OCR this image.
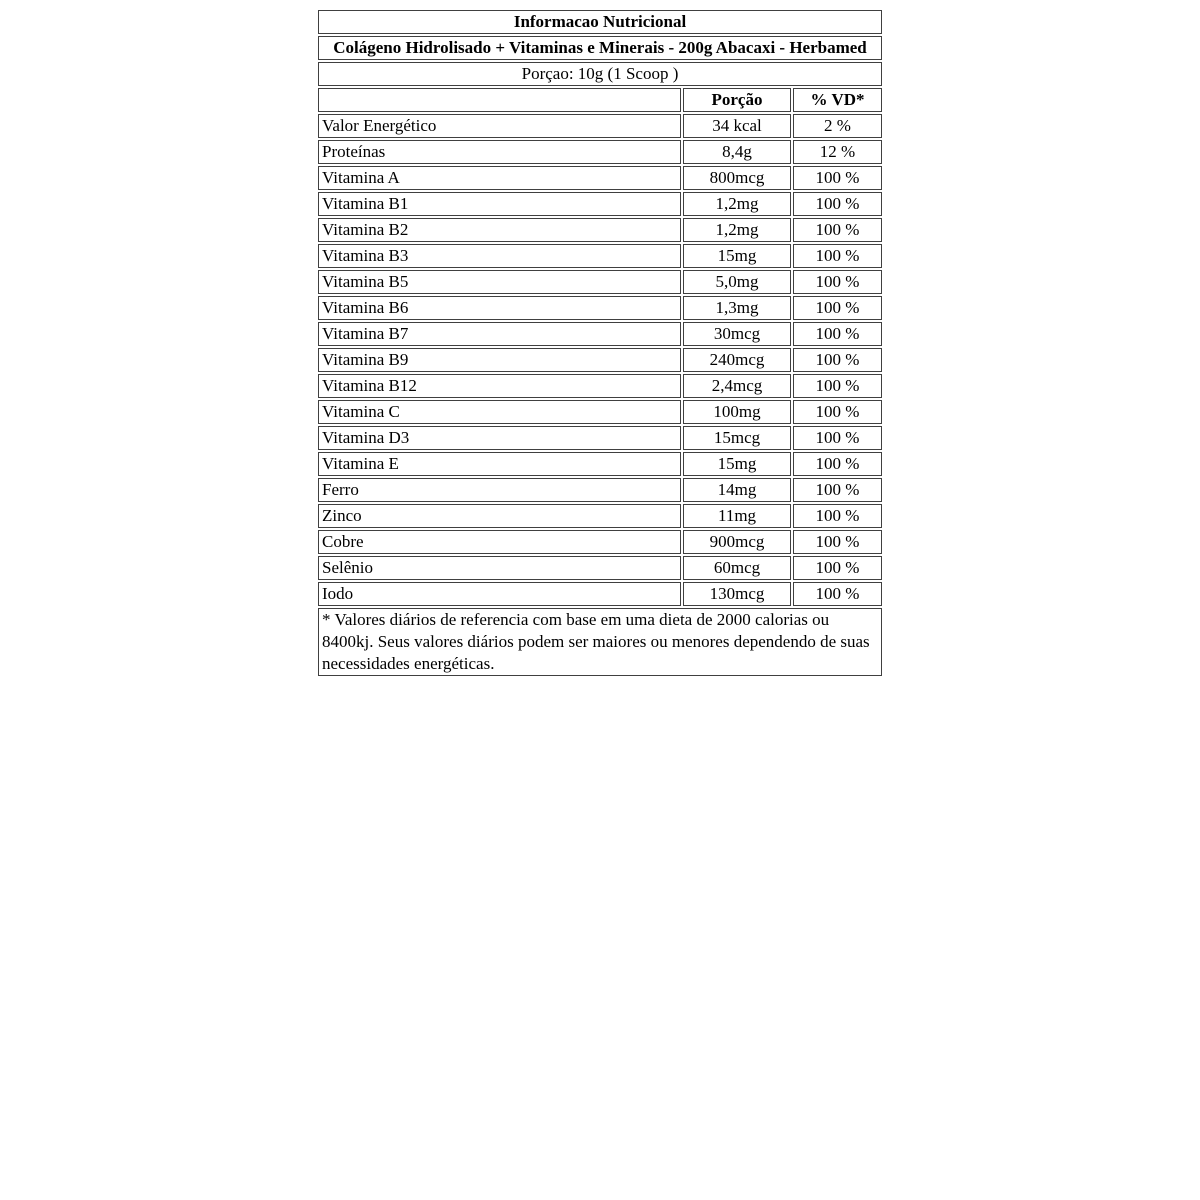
Informacao Nutricional		
Colágeno Hidrolisado + Vitaminas e Minerais - 200g Abacaxi - Herbamed		
Porçao: 10g (1 Scoop )		
	Porção	% VD*
Valor Energético	34 kcal	2 %
Proteínas	8,4g	12 %
Vitamina A	800mcg	100 %
Vitamina B1	1,2mg	100 %
Vitamina B2	1,2mg	100 %
Vitamina B3	15mg	100 %
Vitamina B5	5,0mg	100 %
Vitamina B6	1,3mg	100 %
Vitamina B7	30mcg	100 %
Vitamina B9	240mcg	100 %
Vitamina B12	2,4mcg	100 %
Vitamina C	100mg	100 %
Vitamina D3	15mcg	100 %
Vitamina E	15mg	100 %
Ferro	14mg	100 %
Zinco	11mg	100 %
Cobre	900mcg	100 %
Selênio	60mcg	100 %
Iodo	130mcg	100 %
* Valores diários de referencia com base em uma dieta de 2000 calorias ou 8400kj. Seus valores diários podem ser maiores ou menores dependendo de suas necessidades energéticas.		
